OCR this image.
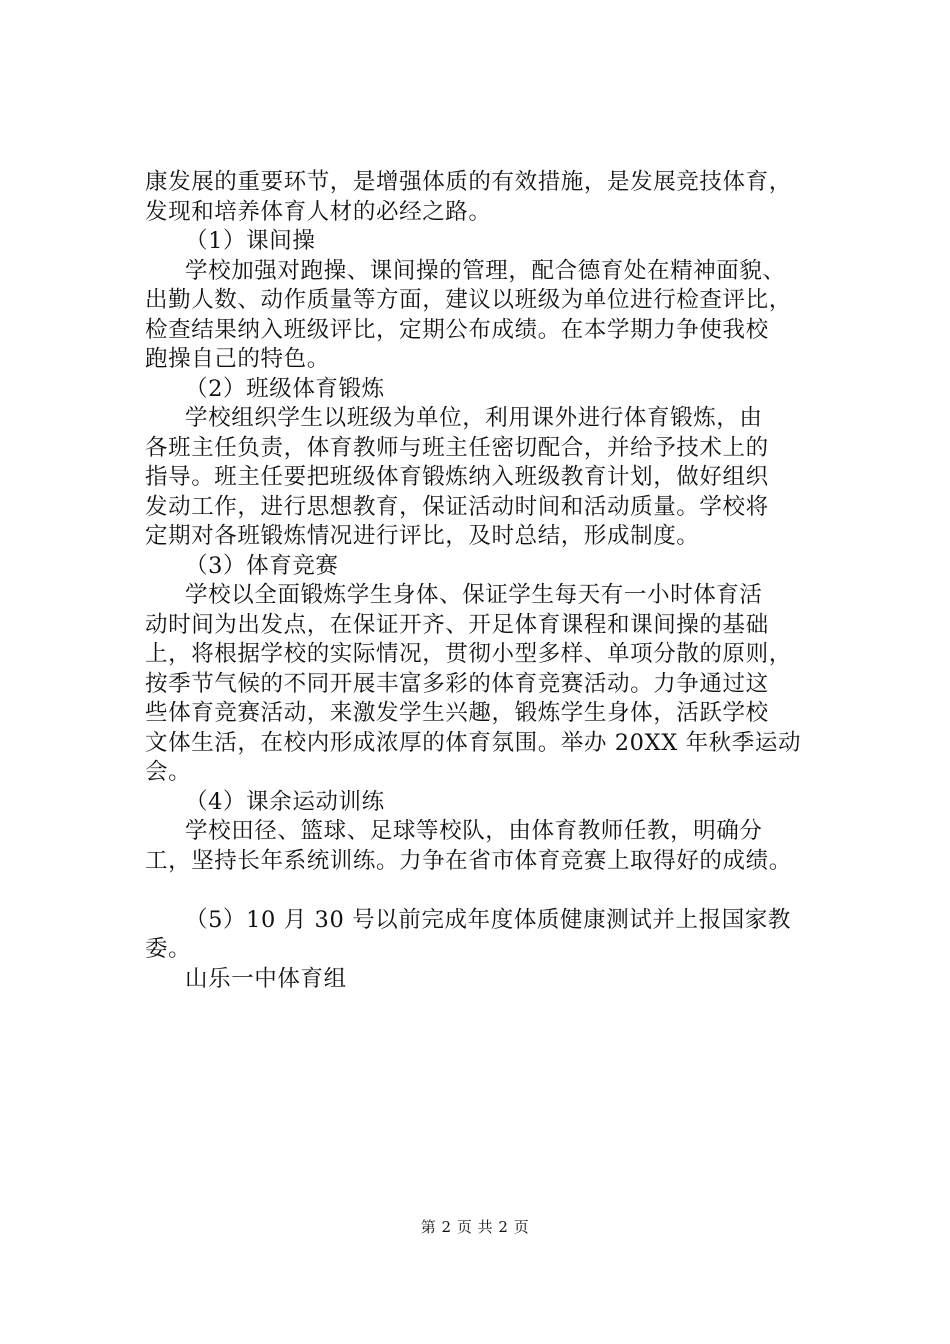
康发展的重要环节，是增强体质的有效措施，是发展竞技体育，
发现和培养体育人材的必经之路。
（1）课间操
学校加强对跑操、课间操的管理，配合德育处在精神面貌、
出勤人数、动作质量等方面，建议以班级为单位进行检查评比，
检查结果纳入班级评比，定期公布成绩。在本学期力争使我校
跑操自己的特色。
（2）班级体育锻炼
学校组织学生以班级为单位，利用课外进行体育锻炼，由
各班主任负责，体育教师与班主任密切配合，并给予技术上的
指导。班主任要把班级体育锻炼纳入班级教育计划，做好组织
发动工作，进行思想教育，保证活动时间和活动质量。学校将
定期对各班锻炼情况进行评比，及时总结，形成制度。
（3）体育竞赛
学校以全面锻炼学生身体、保证学生每天有一小时体育活
动时间为出发点，在保证开齐、开足体育课程和课间操的基础
上，将根据学校的实际情况，贯彻小型多样、单项分散的原则，
按季节气候的不同开展丰富多彩的体育竞赛活动。力争通过这
些体育竞赛活动，来激发学生兴趣，锻炼学生身体，活跃学校
文体生活，在校内形成浓厚的体育氛围。举办 20XX 年秋季运动
会。
（4）课余运动训练
学校田径、篮球、足球等校队，由体育教师任教，明确分
工，坚持长年系统训练。力争在省市体育竞赛上取得好的成绩。
（5）10 月 30 号以前完成年度体质健康测试并上报国家教
委。
山乐一中体育组
第 2 页 共 2 页
